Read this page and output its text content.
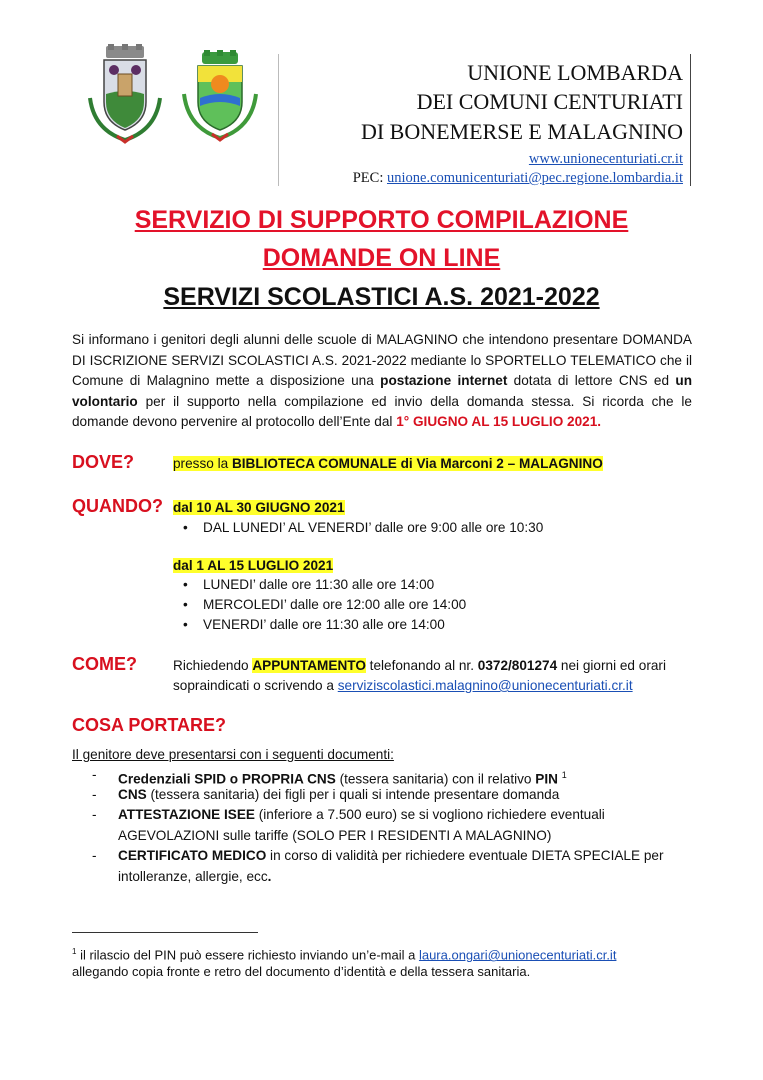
UNIONE LOMBARDA
DEI COMUNI CENTURIATI
DI BONEMERSE E MALAGNINO
www.unionecenturiati.cr.it
PEC: unione.comunicenturiati@pec.regione.lombardia.it
SERVIZIO DI SUPPORTO COMPILAZIONE
DOMANDE ON LINE
SERVIZI SCOLASTICI A.S. 2021-2022
Si informano i genitori degli alunni delle scuole di MALAGNINO che intendono presentare DOMANDA DI ISCRIZIONE SERVIZI SCOLASTICI A.S. 2021-2022 mediante lo SPORTELLO TELEMATICO che il Comune di Malagnino mette a disposizione una postazione internet dotata di lettore CNS ed un volontario per il supporto nella compilazione ed invio della domanda stessa. Si ricorda che le domande devono pervenire al protocollo dell’Ente dal 1° GIUGNO AL 15 LUGLIO 2021.
DOVE?	presso la BIBLIOTECA COMUNALE di Via Marconi 2 – MALAGNINO
QUANDO? dal 10 AL 30 GIUGNO 2021
• DAL LUNEDI’ AL VENERDI’ dalle ore 9:00 alle ore 10:30
dal 1 AL 15 LUGLIO 2021
• LUNEDI’ dalle ore 11:30 alle ore 14:00
• MERCOLEDI’ dalle ore 12:00 alle ore 14:00
• VENERDI’ dalle ore 11:30 alle ore 14:00
COME?	Richiedendo APPUNTAMENTO telefonando al nr. 0372/801274 nei giorni ed orari
sopraindicati o scrivendo a serviziscolastici.malagnino@unionecenturiati.cr.it
COSA PORTARE?
Il genitore deve presentarsi con i seguenti documenti:
- Credenziali SPID o PROPRIA CNS (tessera sanitaria) con il relativo PIN $^1$
- CNS (tessera sanitaria) dei figli per i quali si intende presentare domanda
- ATTESTAZIONE ISEE (inferiore a 7.500 euro) se si vogliono richiedere eventuali AGEVOLAZIONI sulle tariffe (SOLO PER I RESIDENTI A MALAGNINO)
- CERTIFICATO MEDICO in corso di validità per richiedere eventuale DIETA SPECIALE per intolleranze, allergie, ecc.
$^1$ il rilascio del PIN può essere richiesto inviando un’e-mail a laura.ongari@unionecenturiati.cr.it
allegando copia fronte e retro del documento d’identità e della tessera sanitaria.
